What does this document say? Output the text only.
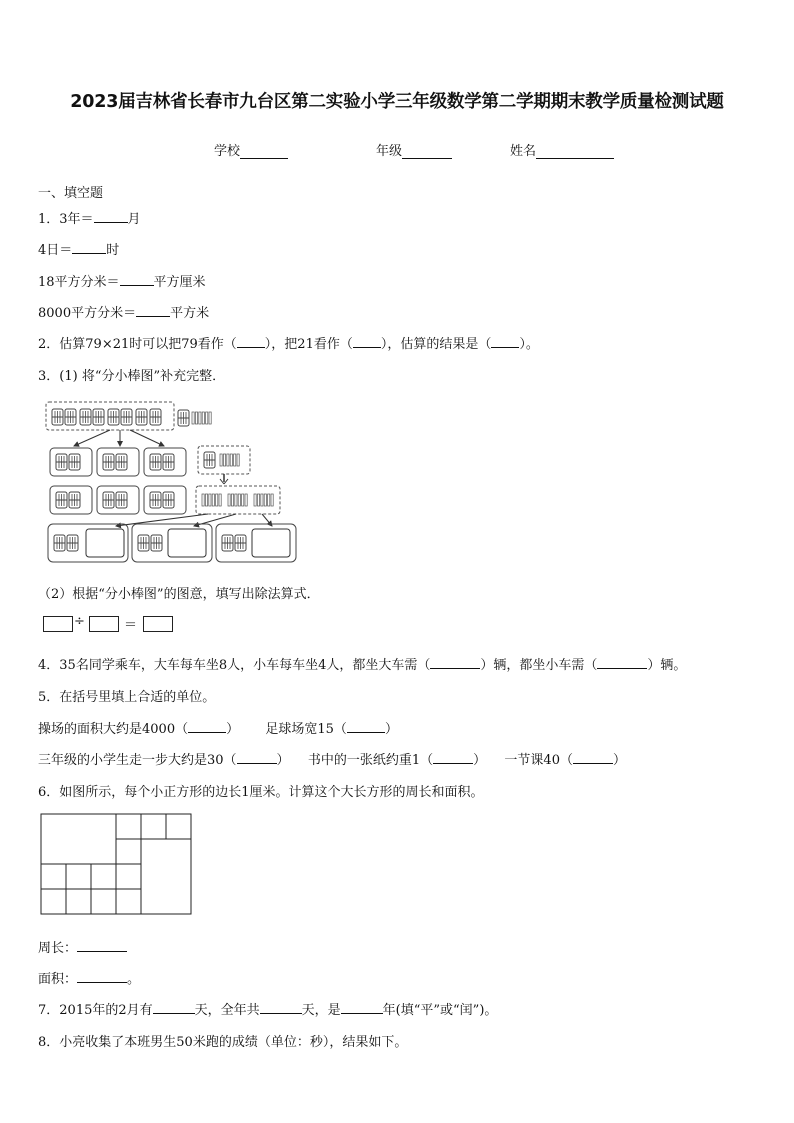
2023届吉林省长春市九台区第二实验小学三年级数学第二学期期末教学质量检测试题
学校	年级	姓名
一、填空题
1．3年＝	月
4日＝	时
18平方分米＝	平方厘米
8000平方分米＝	平方米
2．估算79×21时可以把79看作（ ），把21看作（ ），估算的结果是（ ）。
3．(1) 将“分小棒图”补充完整．
（2）根据“分小棒图”的图意，填写出除法算式．
÷	＝
4．35名同学乘车，大车每车坐8人，小车每车坐4人，都坐大车需（	）辆，都坐小车需（	）辆。
5．在括号里填上合适的单位。
操场的面积大约是4000（	） 足球场宽15（	）
三年级的小学生走一步大约是30（	） 书中的一张纸约重1（	） 一节课40（	）
6．如图所示，每个小正方形的边长1厘米。计算这个大长方形的周长和面积。
周长：
面积：	。
7．2015年的2月有	天，全年共	天，是	年(填“平”或“闰”)。
8．小亮收集了本班男生50米跑的成绩（单位：秒），结果如下。
